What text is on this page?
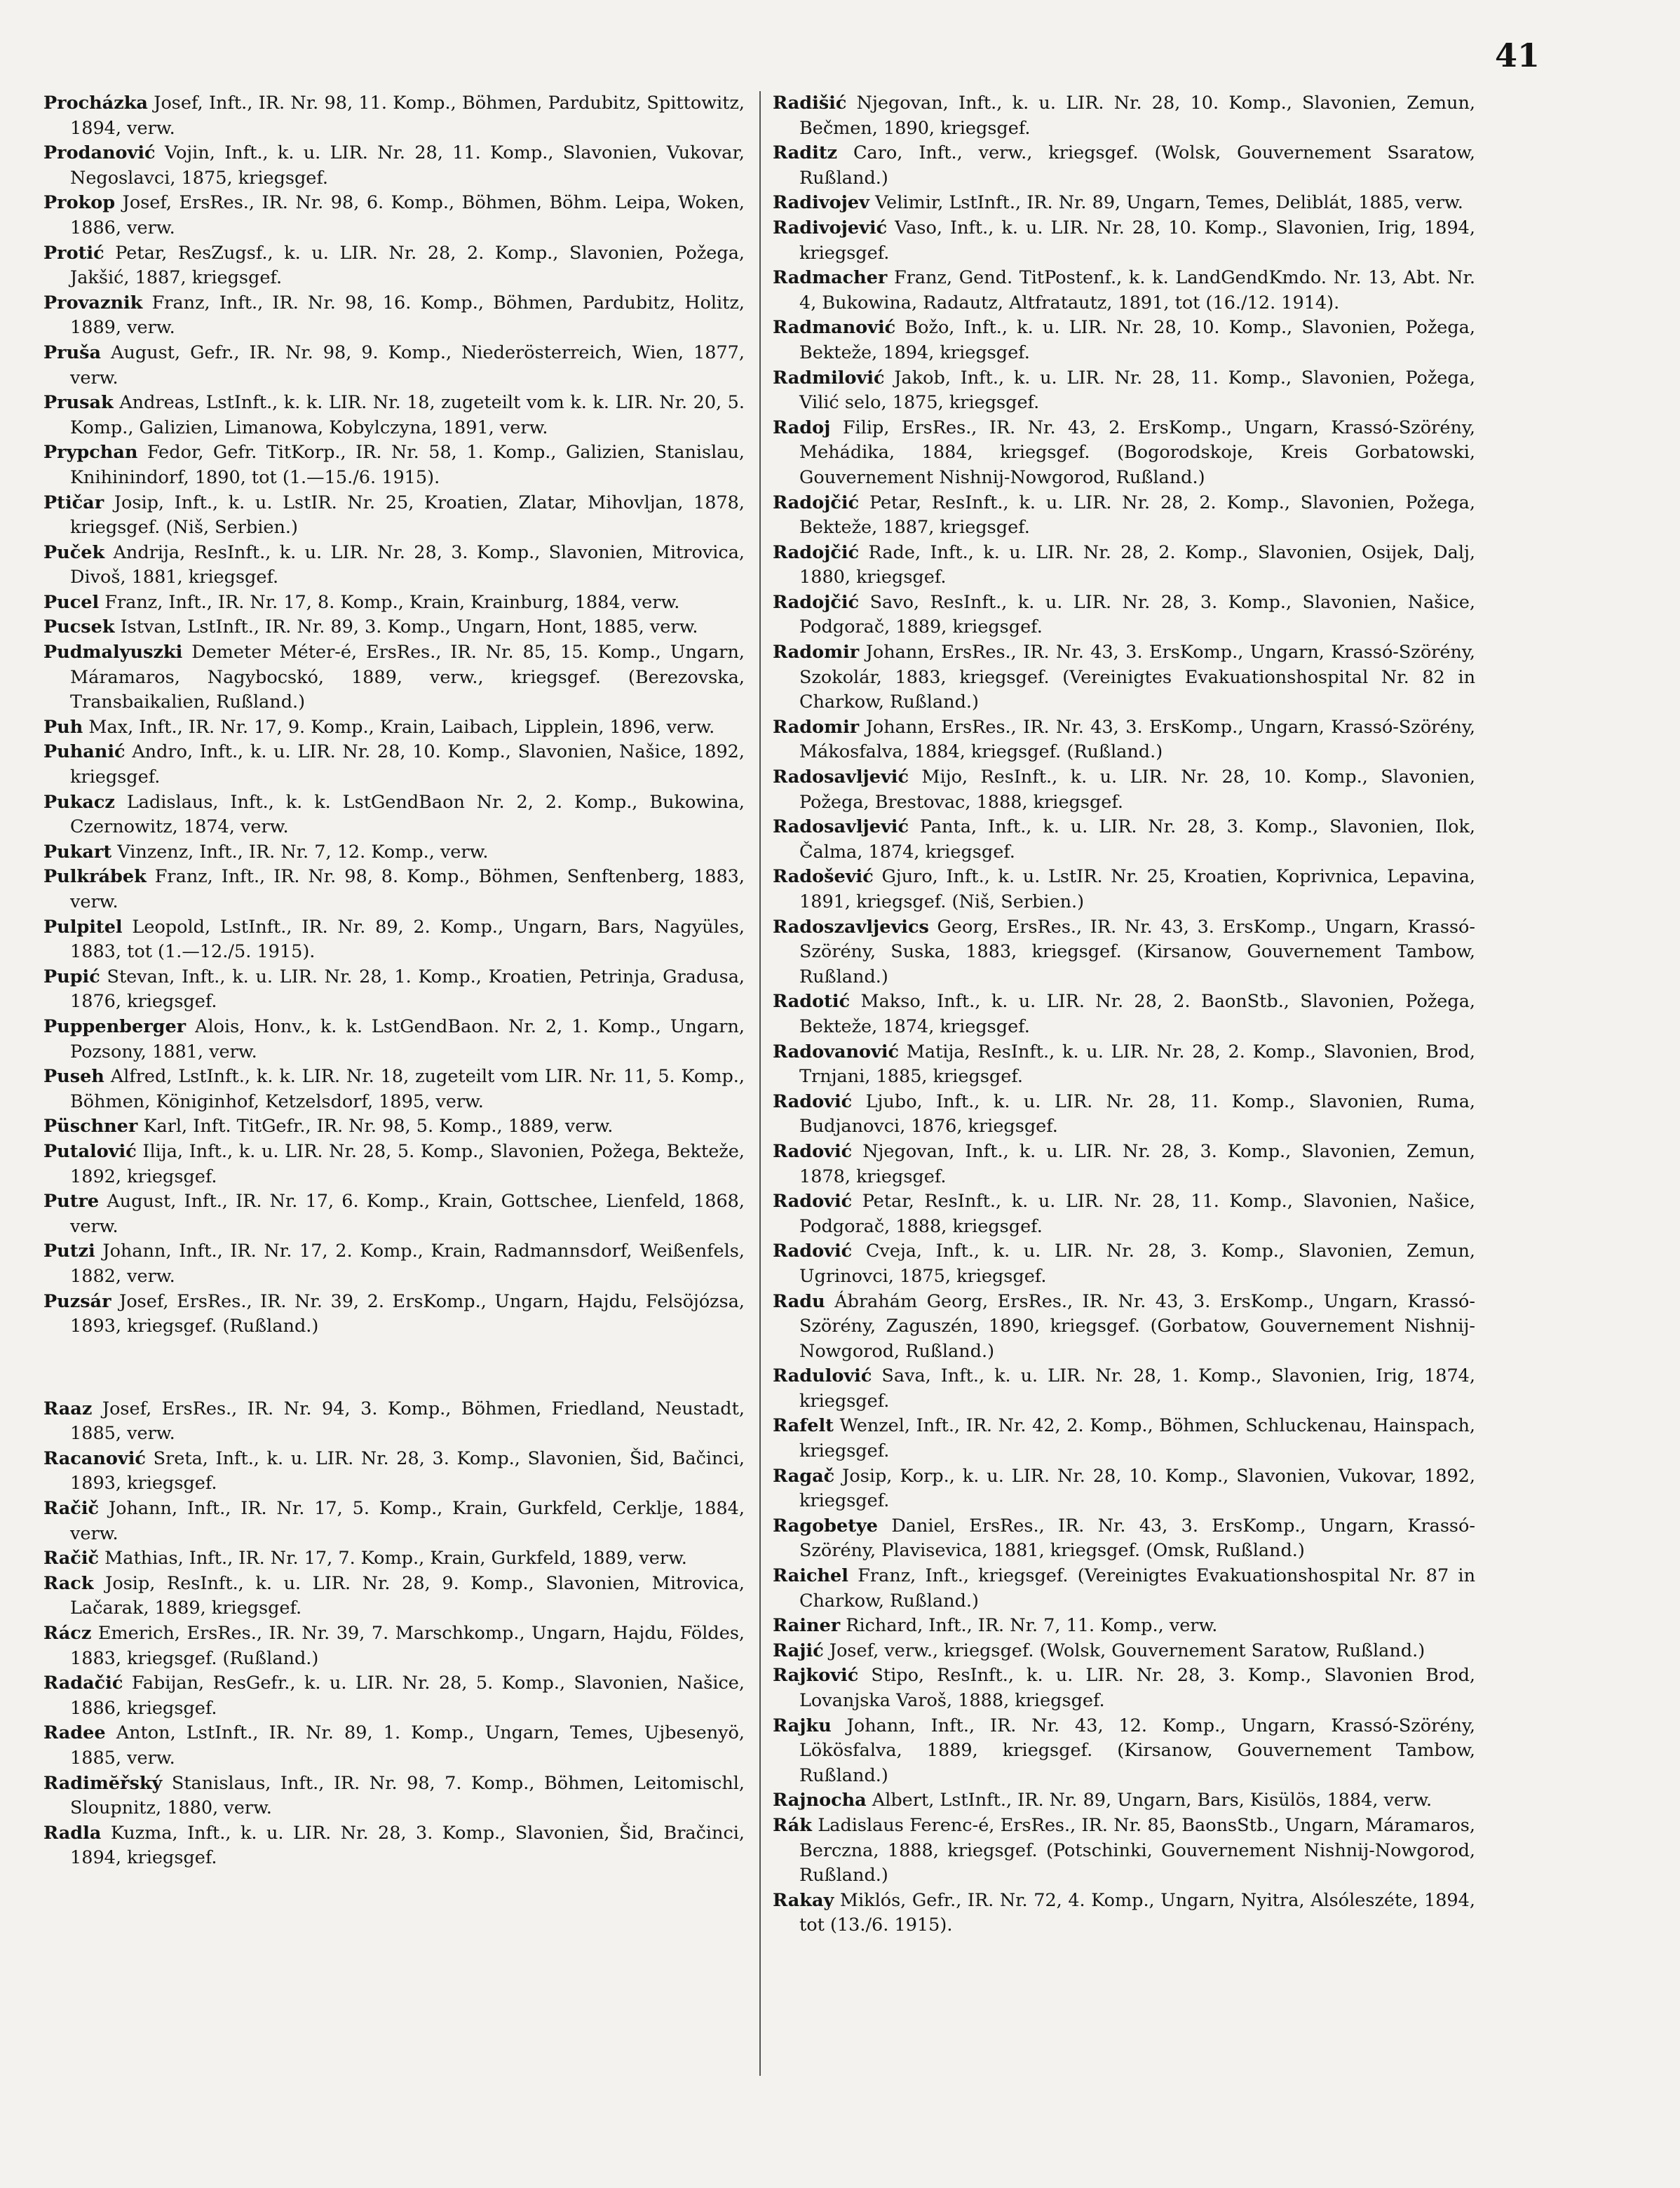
41

Procházka Josef, Inft., IR. Nr. 98, 11. Komp., Böhmen, Pardubitz, Spittowitz, 1894, verw.

Prodanović Vojin, Inft., k. u. LIR. Nr. 28, 11. Komp., Slavonien, Vukovar, Negoslavci, 1875, kriegsgef.

Prokop Josef, ErsRes., IR. Nr. 98, 6. Komp., Böhmen, Böhm. Leipa, Woken, 1886, verw.

Protić Petar, ResZugsf., k. u. LIR. Nr. 28, 2. Komp., Slavonien, Požega, Jakšić, 1887, kriegsgef.

Provaznik Franz, Inft., IR. Nr. 98, 16. Komp., Böhmen, Pardubitz, Holitz, 1889, verw.

Pruša August, Gefr., IR. Nr. 98, 9. Komp., Niederösterreich, Wien, 1877, verw.

Prusak Andreas, LstInft., k. k. LIR. Nr. 18, zugeteilt vom k. k. LIR. Nr. 20, 5. Komp., Galizien, Limanowa, Kobylczyna, 1891, verw.

Prypchan Fedor, Gefr. TitKorp., IR. Nr. 58, 1. Komp., Galizien, Stanislau, Knihinindorf, 1890, tot (1.—15./6. 1915).

Ptičar Josip, Inft., k. u. LstIR. Nr. 25, Kroatien, Zlatar, Mihovljan, 1878, kriegsgef. (Niš, Serbien.)

Puček Andrija, ResInft., k. u. LIR. Nr. 28, 3. Komp., Slavonien, Mitrovica, Divoš, 1881, kriegsgef.

Pucel Franz, Inft., IR. Nr. 17, 8. Komp., Krain, Krainburg, 1884, verw.

Pucsek Istvan, LstInft., IR. Nr. 89, 3. Komp., Ungarn, Hont, 1885, verw.

Pudmalyuszki Demeter Méter-é, ErsRes., IR. Nr. 85, 15. Komp., Ungarn, Máramaros, Nagybocskó, 1889, verw., kriegsgef. (Berezovska, Transbaikalien, Rußland.)

Puh Max, Inft., IR. Nr. 17, 9. Komp., Krain, Laibach, Lipplein, 1896, verw.

Puhanić Andro, Inft., k. u. LIR. Nr. 28, 10. Komp., Slavonien, Našice, 1892, kriegsgef.

Pukacz Ladislaus, Inft., k. k. LstGendBaon Nr. 2, 2. Komp., Bukowina, Czernowitz, 1874, verw.

Pukart Vinzenz, Inft., IR. Nr. 7, 12. Komp., verw.

Pulkrábek Franz, Inft., IR. Nr. 98, 8. Komp., Böhmen, Senftenberg, 1883, verw.

Pulpitel Leopold, LstInft., IR. Nr. 89, 2. Komp., Ungarn, Bars, Nagyüles, 1883, tot (1.—12./5. 1915).

Pupić Stevan, Inft., k. u. LIR. Nr. 28, 1. Komp., Kroatien, Petrinja, Gradusa, 1876, kriegsgef.

Puppenberger Alois, Honv., k. k. LstGendBaon. Nr. 2, 1. Komp., Ungarn, Pozsony, 1881, verw.

Puseh Alfred, LstInft., k. k. LIR. Nr. 18, zugeteilt vom LIR. Nr. 11, 5. Komp., Böhmen, Königinhof, Ketzelsdorf, 1895, verw.

Püschner Karl, Inft. TitGefr., IR. Nr. 98, 5. Komp., 1889, verw.

Putalović Ilija, Inft., k. u. LIR. Nr. 28, 5. Komp., Slavonien, Požega, Bekteže, 1892, kriegsgef.

Putre August, Inft., IR. Nr. 17, 6. Komp., Krain, Gottschee, Lienfeld, 1868, verw.

Putzi Johann, Inft., IR. Nr. 17, 2. Komp., Krain, Radmannsdorf, Weißenfels, 1882, verw.

Puzsár Josef, ErsRes., IR. Nr. 39, 2. ErsKomp., Ungarn, Hajdu, Felsöjózsa, 1893, kriegsgef. (Rußland.)

Raaz Josef, ErsRes., IR. Nr. 94, 3. Komp., Böhmen, Friedland, Neustadt, 1885, verw.

Racanović Sreta, Inft., k. u. LIR. Nr. 28, 3. Komp., Slavonien, Šid, Bačinci, 1893, kriegsgef.

Račič Johann, Inft., IR. Nr. 17, 5. Komp., Krain, Gurkfeld, Cerklje, 1884, verw.

Račič Mathias, Inft., IR. Nr. 17, 7. Komp., Krain, Gurkfeld, 1889, verw.

Rack Josip, ResInft., k. u. LIR. Nr. 28, 9. Komp., Slavonien, Mitrovica, Lačarak, 1889, kriegsgef.

Rácz Emerich, ErsRes., IR. Nr. 39, 7. Marschkomp., Ungarn, Hajdu, Földes, 1883, kriegsgef. (Rußland.)

Radačić Fabijan, ResGefr., k. u. LIR. Nr. 28, 5. Komp., Slavonien, Našice, 1886, kriegsgef.

Radee Anton, LstInft., IR. Nr. 89, 1. Komp., Ungarn, Temes, Ujbesenyö, 1885, verw.

Radimĕřský Stanislaus, Inft., IR. Nr. 98, 7. Komp., Böhmen, Leitomischl, Sloupnitz, 1880, verw.

Radla Kuzma, Inft., k. u. LIR. Nr. 28, 3. Komp., Slavonien, Šid, Bračinci, 1894, kriegsgef.

Radišić Njegovan, Inft., k. u. LIR. Nr. 28, 10. Komp., Slavonien, Zemun, Bečmen, 1890, kriegsgef.

Raditz Caro, Inft., verw., kriegsgef. (Wolsk, Gouvernement Ssaratow, Rußland.)

Radivojev Velimir, LstInft., IR. Nr. 89, Ungarn, Temes, Deliblát, 1885, verw.

Radivojević Vaso, Inft., k. u. LIR. Nr. 28, 10. Komp., Slavonien, Irig, 1894, kriegsgef.

Radmacher Franz, Gend. TitPostenf., k. k. LandGendKmdo. Nr. 13, Abt. Nr. 4, Bukowina, Radautz, Altfratautz, 1891, tot (16./12. 1914).

Radmanović Božo, Inft., k. u. LIR. Nr. 28, 10. Komp., Slavonien, Požega, Bekteže, 1894, kriegsgef.

Radmilović Jakob, Inft., k. u. LIR. Nr. 28, 11. Komp., Slavonien, Požega, Vilić selo, 1875, kriegsgef.

Radoj Filip, ErsRes., IR. Nr. 43, 2. ErsKomp., Ungarn, Krassó-Szörény, Mehádika, 1884, kriegsgef. (Bogorodskoje, Kreis Gorbatowski, Gouvernement Nishnij-Nowgorod, Rußland.)

Radojčić Petar, ResInft., k. u. LIR. Nr. 28, 2. Komp., Slavonien, Požega, Bekteže, 1887, kriegsgef.

Radojčić Rade, Inft., k. u. LIR. Nr. 28, 2. Komp., Slavonien, Osijek, Dalj, 1880, kriegsgef.

Radojčić Savo, ResInft., k. u. LIR. Nr. 28, 3. Komp., Slavonien, Našice, Podgorač, 1889, kriegsgef.

Radomir Johann, ErsRes., IR. Nr. 43, 3. ErsKomp., Ungarn, Krassó-Szörény, Szokolár, 1883, kriegsgef. (Vereinigtes Evakuationshospital Nr. 82 in Charkow, Rußland.)

Radomir Johann, ErsRes., IR. Nr. 43, 3. ErsKomp., Ungarn, Krassó-Szörény, Mákosfalva, 1884, kriegsgef. (Rußland.)

Radosavljević Mijo, ResInft., k. u. LIR. Nr. 28, 10. Komp., Slavonien, Požega, Brestovac, 1888, kriegsgef.

Radosavljević Panta, Inft., k. u. LIR. Nr. 28, 3. Komp., Slavonien, Ilok, Čalma, 1874, kriegsgef.

Radošević Gjuro, Inft., k. u. LstIR. Nr. 25, Kroatien, Koprivnica, Lepavina, 1891, kriegsgef. (Niš, Serbien.)

Radoszavljevics Georg, ErsRes., IR. Nr. 43, 3. ErsKomp., Ungarn, Krassó-Szörény, Suska, 1883, kriegsgef. (Kirsanow, Gouvernement Tambow, Rußland.)

Radotić Makso, Inft., k. u. LIR. Nr. 28, 2. BaonStb., Slavonien, Požega, Bekteže, 1874, kriegsgef.

Radovanović Matija, ResInft., k. u. LIR. Nr. 28, 2. Komp., Slavonien, Brod, Trnjani, 1885, kriegsgef.

Radović Ljubo, Inft., k. u. LIR. Nr. 28, 11. Komp., Slavonien, Ruma, Budjanovci, 1876, kriegsgef.

Radović Njegovan, Inft., k. u. LIR. Nr. 28, 3. Komp., Slavonien, Zemun, 1878, kriegsgef.

Radović Petar, ResInft., k. u. LIR. Nr. 28, 11. Komp., Slavonien, Našice, Podgorač, 1888, kriegsgef.

Radović Cveja, Inft., k. u. LIR. Nr. 28, 3. Komp., Slavonien, Zemun, Ugrinovci, 1875, kriegsgef.

Radu Ábrahám Georg, ErsRes., IR. Nr. 43, 3. ErsKomp., Ungarn, Krassó-Szörény, Zaguszén, 1890, kriegsgef. (Gorbatow, Gouvernement Nishnij-Nowgorod, Rußland.)

Radulović Sava, Inft., k. u. LIR. Nr. 28, 1. Komp., Slavonien, Irig, 1874, kriegsgef.

Rafelt Wenzel, Inft., IR. Nr. 42, 2. Komp., Böhmen, Schluckenau, Hainspach, kriegsgef.

Ragač Josip, Korp., k. u. LIR. Nr. 28, 10. Komp., Slavonien, Vukovar, 1892, kriegsgef.

Ragobetye Daniel, ErsRes., IR. Nr. 43, 3. ErsKomp., Ungarn, Krassó-Szörény, Plavisevica, 1881, kriegsgef. (Omsk, Rußland.)

Raichel Franz, Inft., kriegsgef. (Vereinigtes Evakuationshospital Nr. 87 in Charkow, Rußland.)

Rainer Richard, Inft., IR. Nr. 7, 11. Komp., verw.

Rajić Josef, verw., kriegsgef. (Wolsk, Gouvernement Saratow, Rußland.)

Rajković Stipo, ResInft., k. u. LIR. Nr. 28, 3. Komp., Slavonien Brod, Lovanjska Varoš, 1888, kriegsgef.

Rajku Johann, Inft., IR. Nr. 43, 12. Komp., Ungarn, Krassó-Szörény, Lökösfalva, 1889, kriegsgef. (Kirsanow, Gouvernement Tambow, Rußland.)

Rajnocha Albert, LstInft., IR. Nr. 89, Ungarn, Bars, Kisülös, 1884, verw.

Rák Ladislaus Ferenc-é, ErsRes., IR. Nr. 85, BaonsStb., Ungarn, Máramaros, Berczna, 1888, kriegsgef. (Potschinki, Gouvernement Nishnij-Nowgorod, Rußland.)

Rakay Miklós, Gefr., IR. Nr. 72, 4. Komp., Ungarn, Nyitra, Alsóleszéte, 1894, tot (13./6. 1915).
